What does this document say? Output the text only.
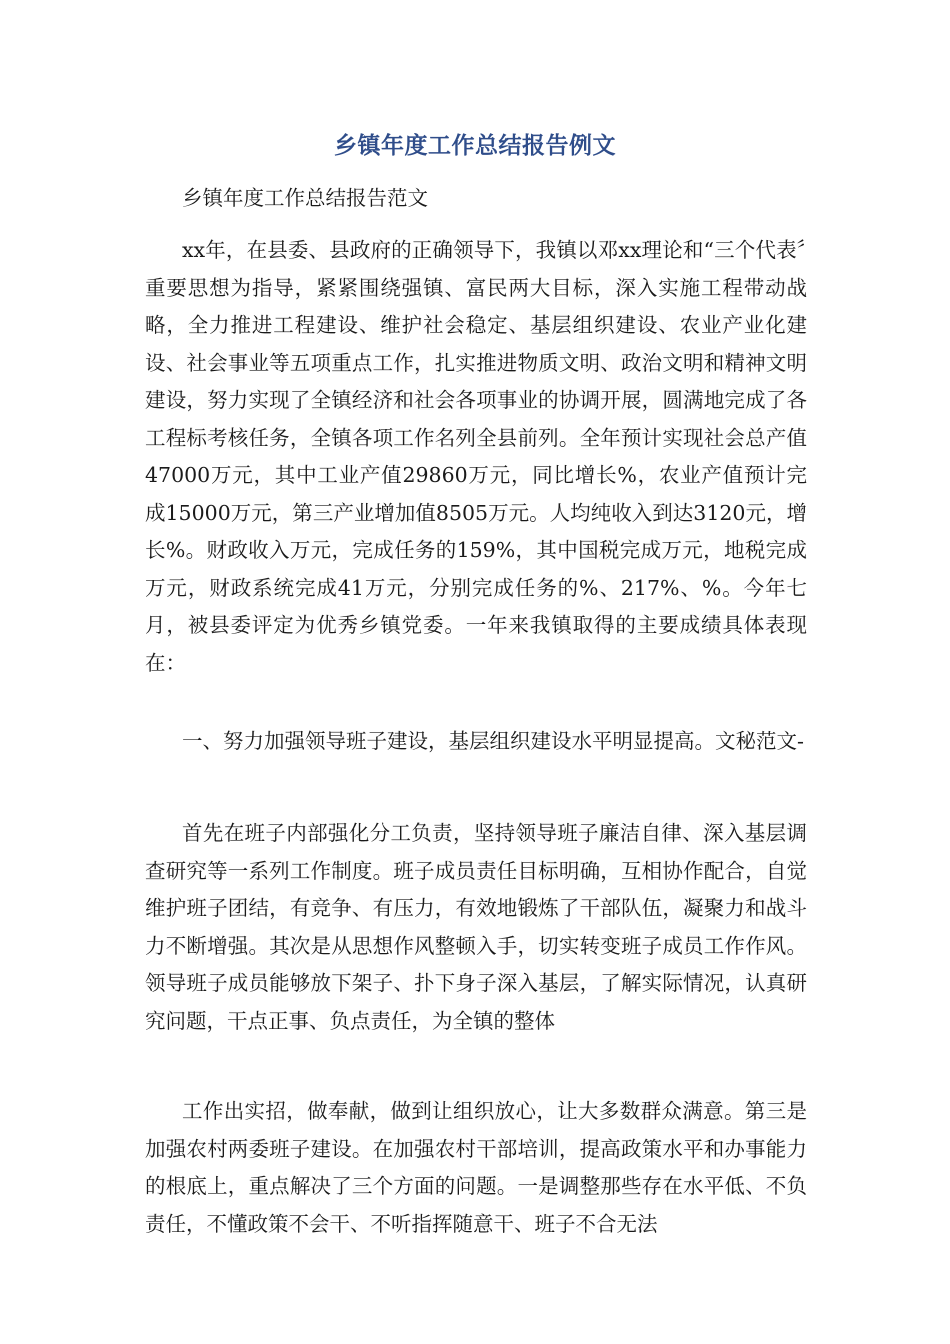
乡镇年度工作总结报告例文

乡镇年度工作总结报告范文

xx年，在县委、县政府的正确领导下，我镇以邓xx理论和“三个代表〞重要思想为指导，紧紧围绕强镇、富民两大目标，深入实施工程带动战略，全力推进工程建设、维护社会稳定、基层组织建设、农业产业化建设、社会事业等五项重点工作，扎实推进物质文明、政治文明和精神文明建设，努力实现了全镇经济和社会各项事业的协调开展，圆满地完成了各工程标考核任务，全镇各项工作名列全县前列。全年预计实现社会总产值47000万元，其中工业产值29860万元，同比增长%，农业产值预计完成15000万元，第三产业增加值8505万元。人均纯收入到达3120元，增长%。财政收入万元，完成任务的159%，其中国税完成万元，地税完成万元，财政系统完成41万元，分别完成任务的%、217%、%。今年七月，被县委评定为优秀乡镇党委。一年来我镇取得的主要成绩具体表现在：

一、努力加强领导班子建设，基层组织建设水平明显提高。文秘范文-

首先在班子内部强化分工负责，坚持领导班子廉洁自律、深入基层调查研究等一系列工作制度。班子成员责任目标明确，互相协作配合，自觉维护班子团结，有竞争、有压力，有效地锻炼了干部队伍，凝聚力和战斗力不断增强。其次是从思想作风整顿入手，切实转变班子成员工作作风。领导班子成员能够放下架子、扑下身子深入基层，了解实际情况，认真研究问题，干点正事、负点责任，为全镇的整体

工作出实招，做奉献，做到让组织放心，让大多数群众满意。第三是加强农村两委班子建设。在加强农村干部培训，提高政策水平和办事能力的根底上，重点解决了三个方面的问题。一是调整那些存在水平低、不负责任，不懂政策不会干、不听指挥随意干、班子不合无法
